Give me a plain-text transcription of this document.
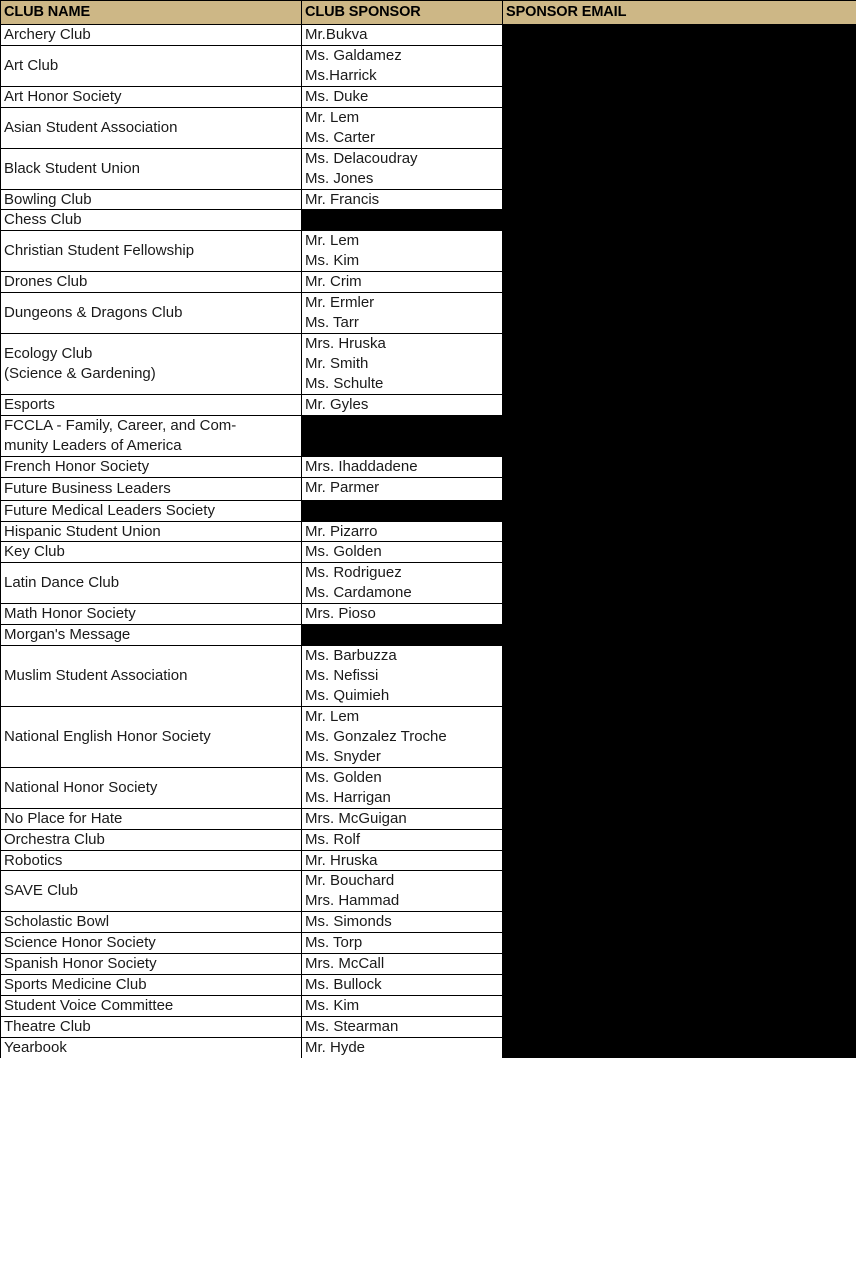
CLUB NAME	CLUB SPONSOR	SPONSOR EMAIL

Archery Club	Mr.Bukva	

Art Club	Ms. Galdamez
Ms.Harrick	

Art Honor Society	Ms. Duke	

Asian Student Association	Mr. Lem
Ms. Carter	

Black Student Union	Ms. Delacoudray
Ms. Jones	

Bowling Club	Mr. Francis	

Chess Club		

Christian Student Fellowship	Mr. Lem
Ms. Kim	

Drones Club	Mr. Crim	

Dungeons & Dragons Club	Mr. Ermler
Ms. Tarr	

Ecology Club
(Science & Gardening)	Mrs. Hruska
Mr. Smith
Ms. Schulte	

Esports	Mr. Gyles	

FCCLA - Family, Career, and Com-
munity Leaders of America		

French Honor Society	Mrs. Ihaddadene	

Future Business Leaders	Mr. Parmer	

Future Medical Leaders Society		

Hispanic Student Union	Mr. Pizarro	

Key Club	Ms. Golden	

Latin Dance Club	Ms. Rodriguez
Ms. Cardamone	

Math Honor Society	Mrs. Pioso	

Morgan's Message		

Muslim Student Association	Ms. Barbuzza
Ms. Nefissi
Ms. Quimieh	

National English Honor Society	Mr. Lem
Ms. Gonzalez Troche
Ms. Snyder	

National Honor Society	Ms. Golden
Ms. Harrigan	

No Place for Hate	Mrs. McGuigan	

Orchestra Club	Ms. Rolf	

Robotics	Mr. Hruska	

SAVE Club	Mr. Bouchard
Mrs. Hammad	

Scholastic Bowl	Ms. Simonds	

Science Honor Society	Ms. Torp	

Spanish Honor Society	Mrs. McCall	

Sports Medicine Club	Ms. Bullock	

Student Voice Committee	Ms. Kim	

Theatre Club	Ms. Stearman	

Yearbook	Mr. Hyde	
